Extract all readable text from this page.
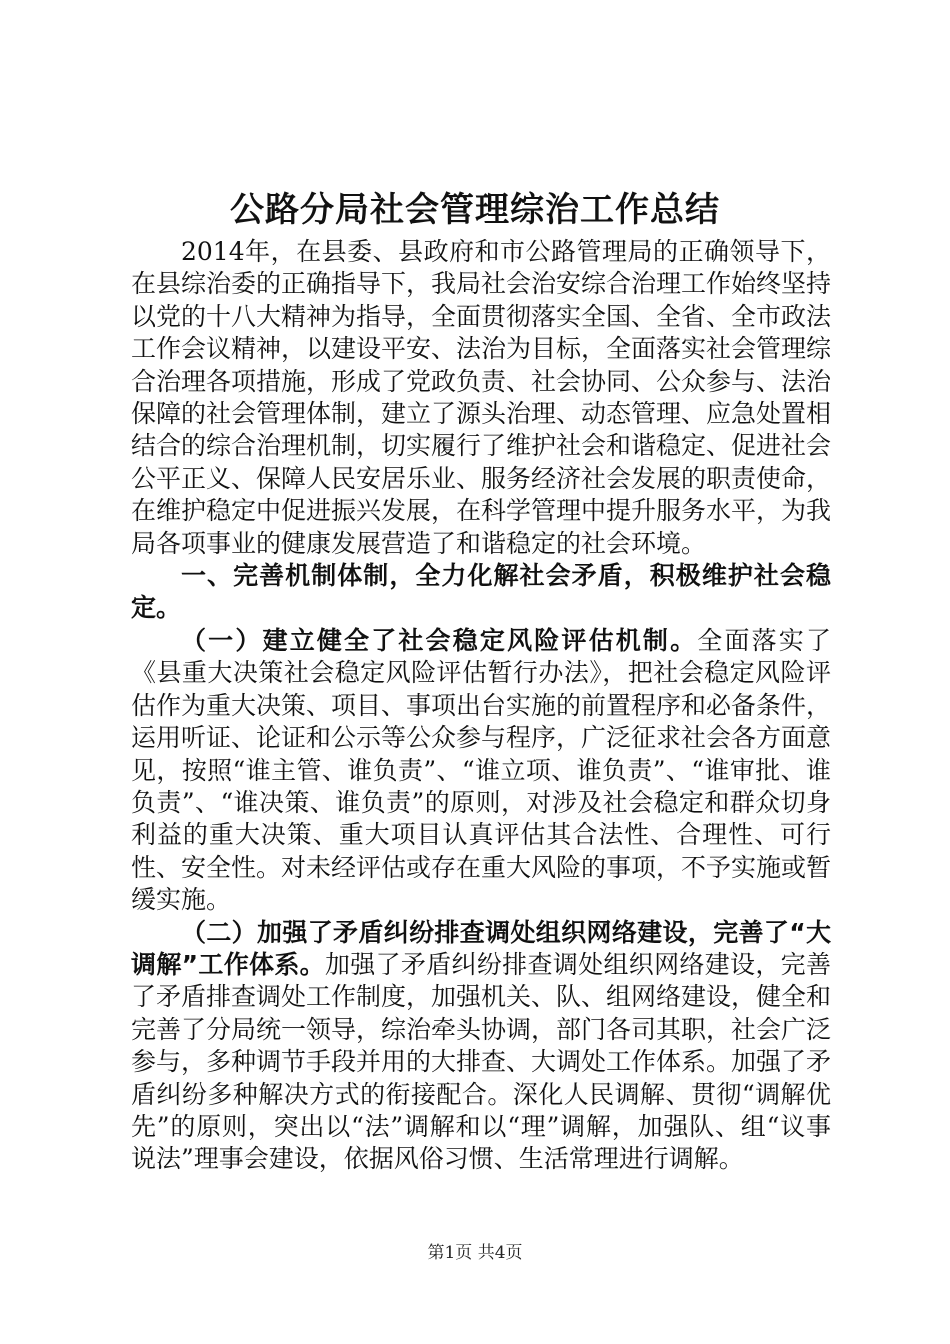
公路分局社会管理综治工作总结

2014年，在县委、县政府和市公路管理局的正确领导下，在县综治委的正确指导下，我局社会治安综合治理工作始终坚持以党的十八大精神为指导，全面贯彻落实全国、全省、全市政法工作会议精神，以建设平安、法治为目标，全面落实社会管理综合治理各项措施，形成了党政负责、社会协同、公众参与、法治保障的社会管理体制，建立了源头治理、动态管理、应急处置相结合的综合治理机制，切实履行了维护社会和谐稳定、促进社会公平正义、保障人民安居乐业、服务经济社会发展的职责使命，在维护稳定中促进振兴发展，在科学管理中提升服务水平，为我局各项事业的健康发展营造了和谐稳定的社会环境。

一、完善机制体制，全力化解社会矛盾，积极维护社会稳定。

（一）建立健全了社会稳定风险评估机制。全面落实了《县重大决策社会稳定风险评估暂行办法》，把社会稳定风险评估作为重大决策、项目、事项出台实施的前置程序和必备条件，运用听证、论证和公示等公众参与程序，广泛征求社会各方面意见，按照“谁主管、谁负责”、“谁立项、谁负责”、“谁审批、谁负责”、“谁决策、谁负责”的原则，对涉及社会稳定和群众切身利益的重大决策、重大项目认真评估其合法性、合理性、可行性、安全性。对未经评估或存在重大风险的事项，不予实施或暂缓实施。

（二）加强了矛盾纠纷排查调处组织网络建设，完善了“大调解”工作体系。加强了矛盾纠纷排查调处组织网络建设，完善了矛盾排查调处工作制度，加强机关、队、组网络建设，健全和完善了分局统一领导，综治牵头协调，部门各司其职，社会广泛参与，多种调节手段并用的大排查、大调处工作体系。加强了矛盾纠纷多种解决方式的衔接配合。深化人民调解、贯彻“调解优先”的原则，突出以“法”调解和以“理”调解，加强队、组“议事说法”理事会建设，依据风俗习惯、生活常理进行调解。

第1页 共4页
